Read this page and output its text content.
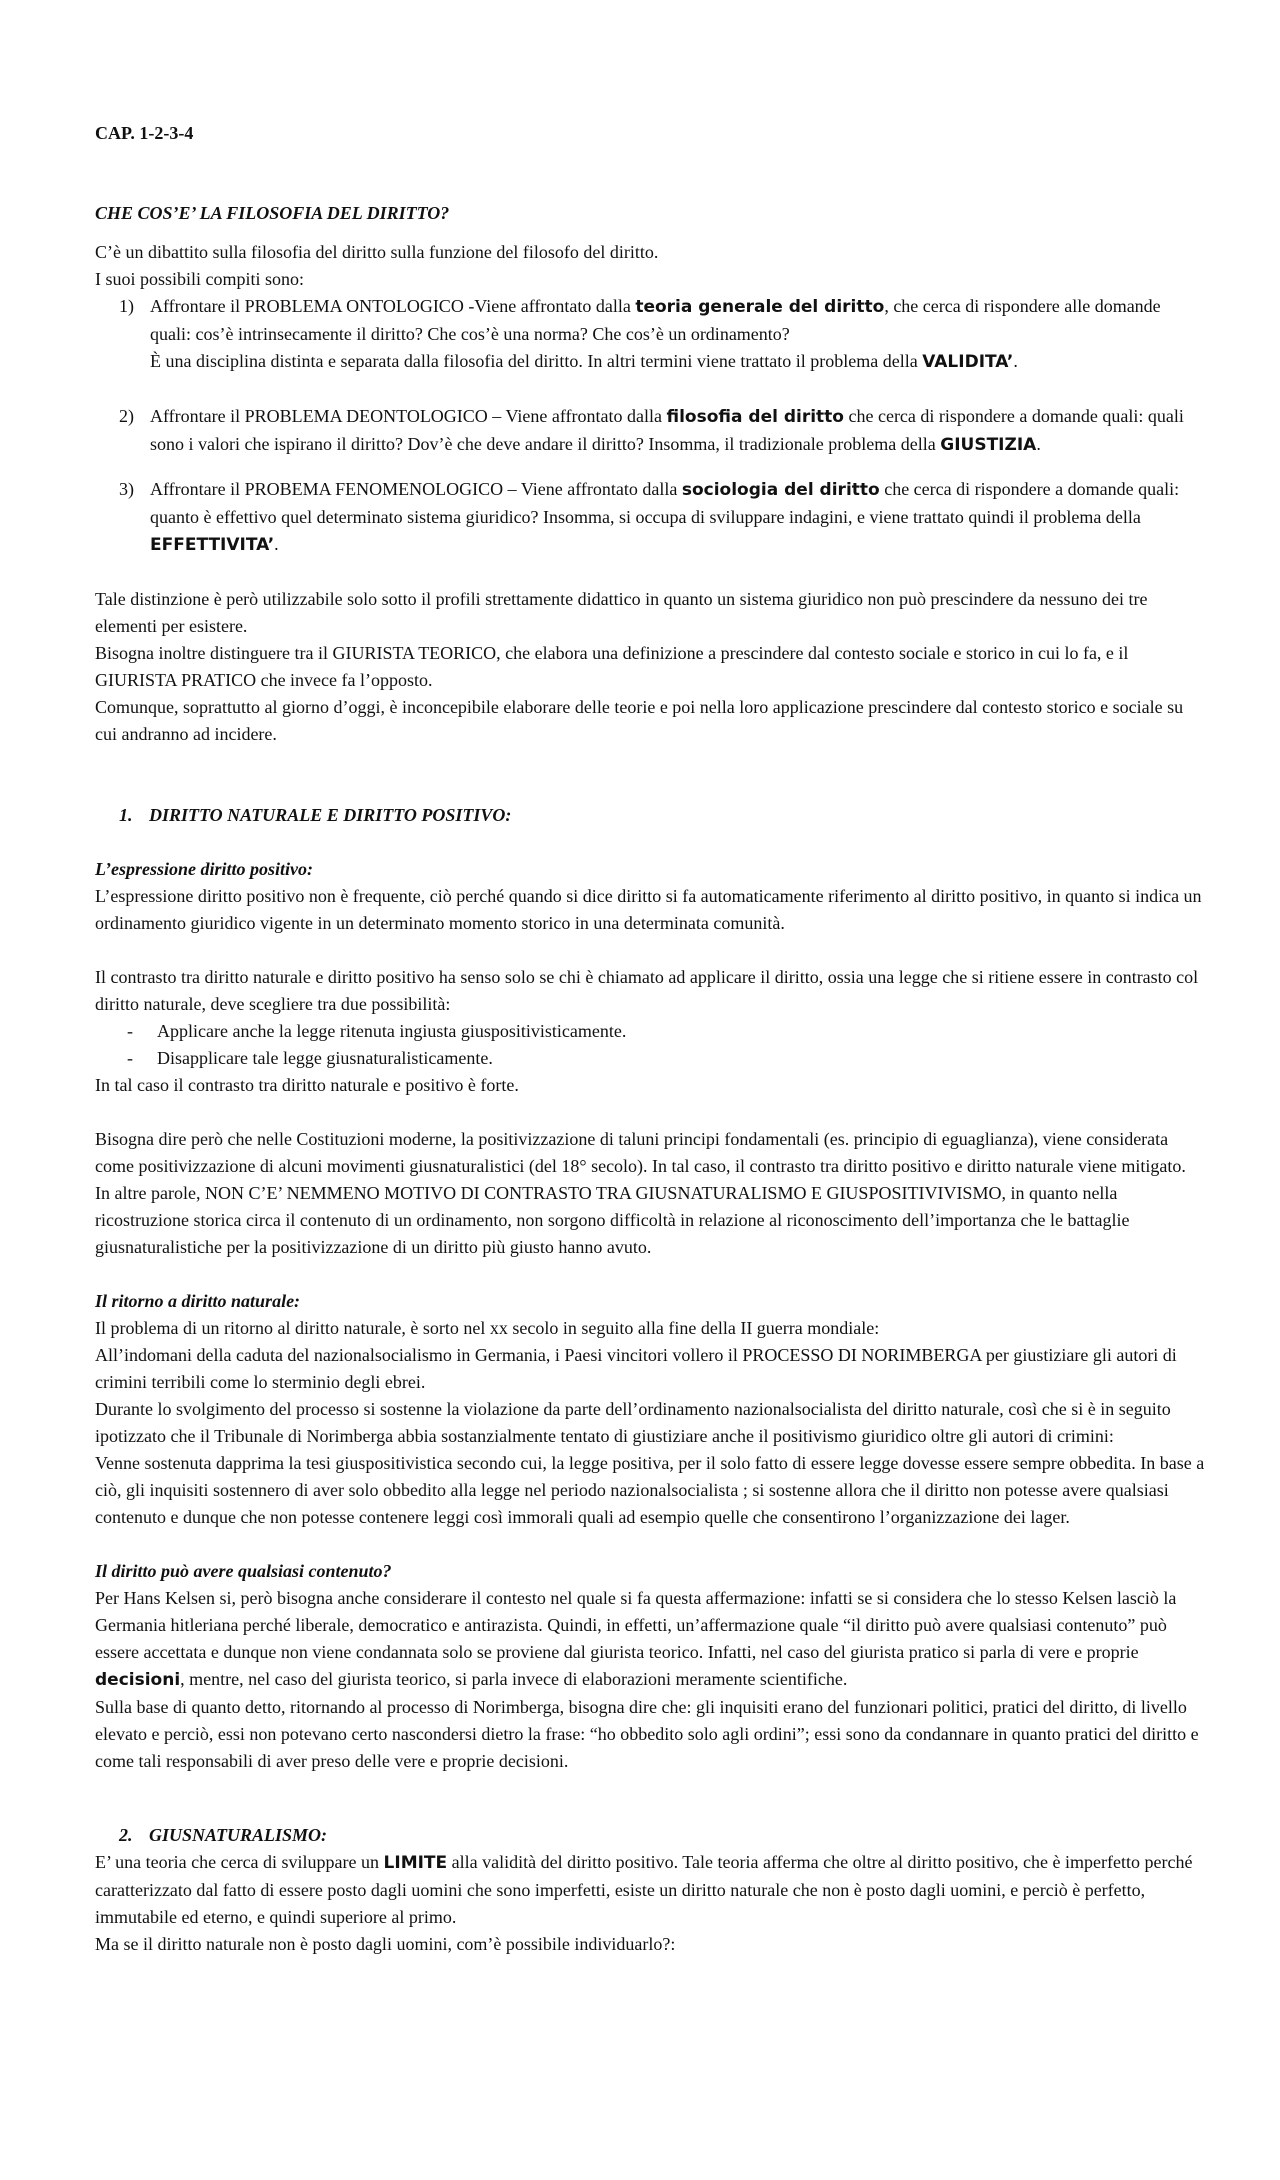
CAP. 1-2-3-4

CHE COS’E’ LA FILOSOFIA DEL DIRITTO?

C’è un dibattito sulla filosofia del diritto sulla funzione del filosofo del diritto.

I suoi possibili compiti sono:

1) Affrontare il PROBLEMA ONTOLOGICO -Viene affrontato dalla teoria generale del diritto, che cerca di rispondere alle domande quali: cos’è intrinsecamente il diritto? Che cos’è una norma? Che cos’è un ordinamento?

È una disciplina distinta e separata dalla filosofia del diritto. In altri termini viene trattato il problema della VALIDITA’.

2) Affrontare il PROBLEMA DEONTOLOGICO – Viene affrontato dalla filosofia del diritto che cerca di rispondere a domande quali: quali sono i valori che ispirano il diritto? Dov’è che deve andare il diritto? Insomma, il tradizionale problema della GIUSTIZIA.

3) Affrontare il PROBEMA FENOMENOLOGICO – Viene affrontato dalla sociologia del diritto che cerca di rispondere a domande quali: quanto è effettivo quel determinato sistema giuridico? Insomma, si occupa di sviluppare indagini, e viene trattato quindi il problema della EFFETTIVITA’.

Tale distinzione è però utilizzabile solo sotto il profili strettamente didattico in quanto un sistema giuridico non può prescindere da nessuno dei tre elementi per esistere.

Bisogna inoltre distinguere tra il GIURISTA TEORICO, che elabora una definizione a prescindere dal contesto sociale e storico in cui lo fa, e il GIURISTA PRATICO che invece fa l’opposto.

Comunque, soprattutto al giorno d’oggi, è inconcepibile elaborare delle teorie e poi nella loro applicazione prescindere dal contesto storico e sociale su cui andranno ad incidere.

1. DIRITTO NATURALE E DIRITTO POSITIVO:

L’espressione diritto positivo:

L’espressione diritto positivo non è frequente, ciò perché quando si dice diritto si fa automaticamente riferimento al diritto positivo, in quanto si indica un ordinamento giuridico vigente in un determinato momento storico in una determinata comunità.

Il contrasto tra diritto naturale e diritto positivo ha senso solo se chi è chiamato ad applicare il diritto, ossia una legge che si ritiene essere in contrasto col diritto naturale, deve scegliere tra due possibilità:

- Applicare anche la legge ritenuta ingiusta giuspositivisticamente.
- Disapplicare tale legge giusnaturalisticamente.

In tal caso il contrasto tra diritto naturale e positivo è forte.

Bisogna dire però che nelle Costituzioni moderne, la positivizzazione di taluni principi fondamentali (es. principio di eguaglianza), viene considerata come positivizzazione di alcuni movimenti giusnaturalistici (del 18° secolo). In tal caso, il contrasto tra diritto positivo e diritto naturale viene mitigato.

In altre parole, NON C’E’ NEMMENO MOTIVO DI CONTRASTO TRA GIUSNATURALISMO E GIUSPOSITIVIVISMO, in quanto nella ricostruzione storica circa il contenuto di un ordinamento, non sorgono difficoltà in relazione al riconoscimento dell’importanza che le battaglie giusnaturalistiche per la positivizzazione di un diritto più giusto hanno avuto.

Il ritorno a diritto naturale:

Il problema di un ritorno al diritto naturale, è sorto nel xx secolo in seguito alla fine della II guerra mondiale:

All’indomani della caduta del nazionalsocialismo in Germania, i Paesi vincitori vollero il PROCESSO DI NORIMBERGA per giustiziare gli autori di crimini terribili come lo sterminio degli ebrei.

Durante lo svolgimento del processo si sostenne la violazione da parte dell’ordinamento nazionalsocialista del diritto naturale, così che si è in seguito ipotizzato che il Tribunale di Norimberga abbia sostanzialmente tentato di giustiziare anche il positivismo giuridico oltre gli autori di crimini:

Venne sostenuta dapprima la tesi giuspositivistica secondo cui, la legge positiva, per il solo fatto di essere legge dovesse essere sempre obbedita. In base a ciò, gli inquisiti sostennero di aver solo obbedito alla legge nel periodo nazionalsocialista ; si sostenne allora che il diritto non potesse avere qualsiasi contenuto e dunque che non potesse contenere leggi così immorali quali ad esempio quelle che consentirono l’organizzazione dei lager.

Il diritto può avere qualsiasi contenuto?

Per Hans Kelsen si, però bisogna anche considerare il contesto nel quale si fa questa affermazione: infatti se si considera che lo stesso Kelsen lasciò la Germania hitleriana perché liberale, democratico e antirazista. Quindi, in effetti, un’affermazione quale “il diritto può avere qualsiasi contenuto” può essere accettata e dunque non viene condannata solo se proviene dal giurista teorico. Infatti, nel caso del giurista pratico si parla di vere e proprie decisioni, mentre, nel caso del giurista teorico, si parla invece di elaborazioni meramente scientifiche.

Sulla base di quanto detto, ritornando al processo di Norimberga, bisogna dire che: gli inquisiti erano del funzionari politici, pratici del diritto, di livello elevato e perciò, essi non potevano certo nascondersi dietro la frase: “ho obbedito solo agli ordini”; essi sono da condannare in quanto pratici del diritto e come tali responsabili di aver preso delle vere e proprie decisioni.

2. GIUSNATURALISMO:

E’ una teoria che cerca di sviluppare un LIMITE alla validità del diritto positivo. Tale teoria afferma che oltre al diritto positivo, che è imperfetto perché caratterizzato dal fatto di essere posto dagli uomini che sono imperfetti, esiste un diritto naturale che non è posto dagli uomini, e perciò è perfetto, immutabile ed eterno, e quindi superiore al primo.

Ma se il diritto naturale non è posto dagli uomini, com’è possibile individuarlo?:
